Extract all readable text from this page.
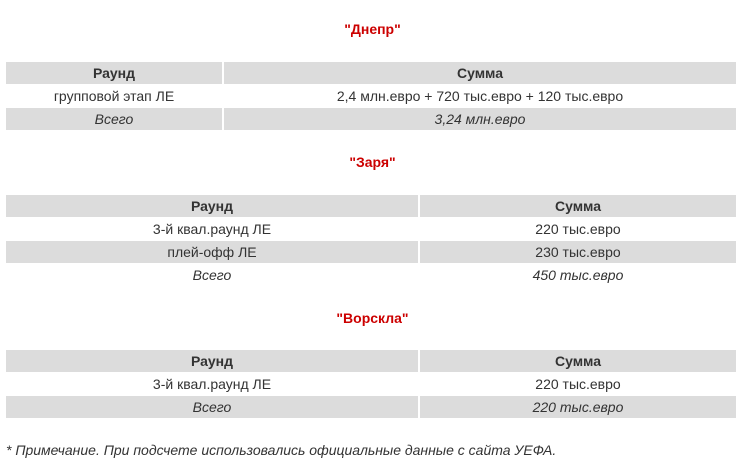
"Днепр"
Раунд	Сумма
групповой этап ЛЕ	2,4 млн.евро + 720 тыс.евро + 120 тыс.евро
Всего	3,24 млн.евро
"Заря"
Раунд	Сумма
3-й квал.раунд ЛЕ	220 тыс.евро
плей-офф ЛЕ	230 тыс.евро
Всего	450 тыс.евро
"Ворскла"
Раунд	Сумма
3-й квал.раунд ЛЕ	220 тыс.евро
Всего	220 тыс.евро
* Примечание. При подсчете использовались официальные данные с сайта УЕФА.
